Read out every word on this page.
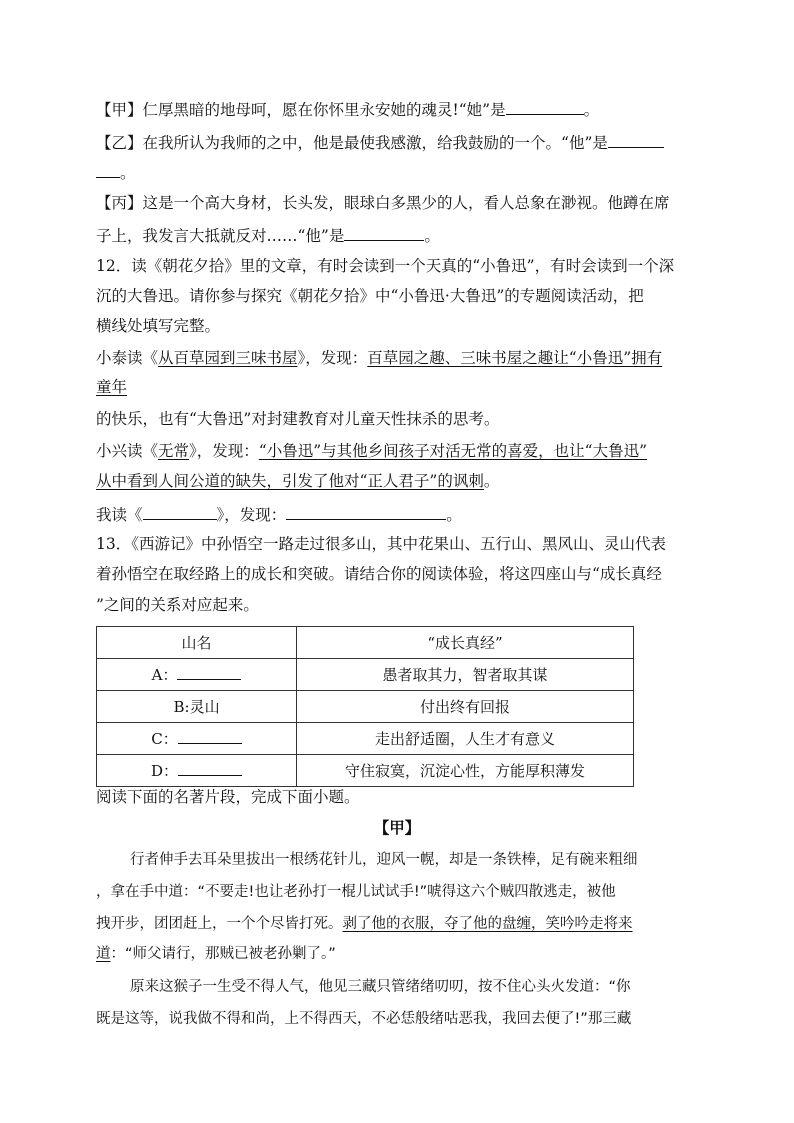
【甲】仁厚黑暗的地母呵，愿在你怀里永安她的魂灵!“她”是	。
【乙】在我所认为我师的之中，他是最使我感激，给我鼓励的一个。“他”是
。
【丙】这是一个高大身材，长头发，眼球白多黑少的人，看人总象在渺视。他蹲在席
子上，我发言大抵就反对……“他”是	。
12．读《朝花夕拾》里的文章，有时会读到一个天真的“小鲁迅”，有时会读到一个深
沉的大鲁迅。请你参与探究《朝花夕拾》中“小鲁迅·大鲁迅”的专题阅读活动，把
横线处填写完整。
小泰读《从百草园到三味书屋》，发现：百草园之趣、三味书屋之趣让“小鲁迅”拥有
童年
的快乐，也有“大鲁迅”对封建教育对儿童天性抹杀的思考。
小兴读《无常》，发现：“小鲁迅”与其他乡间孩子对活无常的喜爱，也让“大鲁迅”
从中看到人间公道的缺失，引发了他对“正人君子”的讽刺。
我读《	》，发现：	。
13．《西游记》中孙悟空一路走过很多山，其中花果山、五行山、黑风山、灵山代表
着孙悟空在取经路上的成长和突破。请结合你的阅读体验，将这四座山与“成长真经
”之间的关系对应起来。
山名	“成长真经”
A：	愚者取其力，智者取其谋
B:灵山	付出终有回报
C：	走出舒适圈，人生才有意义
D：	守住寂寞，沉淀心性，方能厚积薄发
阅读下面的名著片段，完成下面小题。
【甲】
行者伸手去耳朵里拔出一根绣花针儿，迎风一幌，却是一条铁棒，足有碗来粗细
，拿在手中道：“不要走!也让老孙打一棍儿试试手!”唬得这六个贼四散逃走，被他
拽开步，团团赶上，一个个尽皆打死。剥了他的衣服，夺了他的盘缠，笑吟吟走将来
道：“师父请行，那贼已被老孙剿了。”
原来这猴子一生受不得人气，他见三藏只管绪绪叨叨，按不住心头火发道：“你
既是这等，说我做不得和尚，上不得西天，不必恁般绪咕恶我，我回去便了!”那三藏
